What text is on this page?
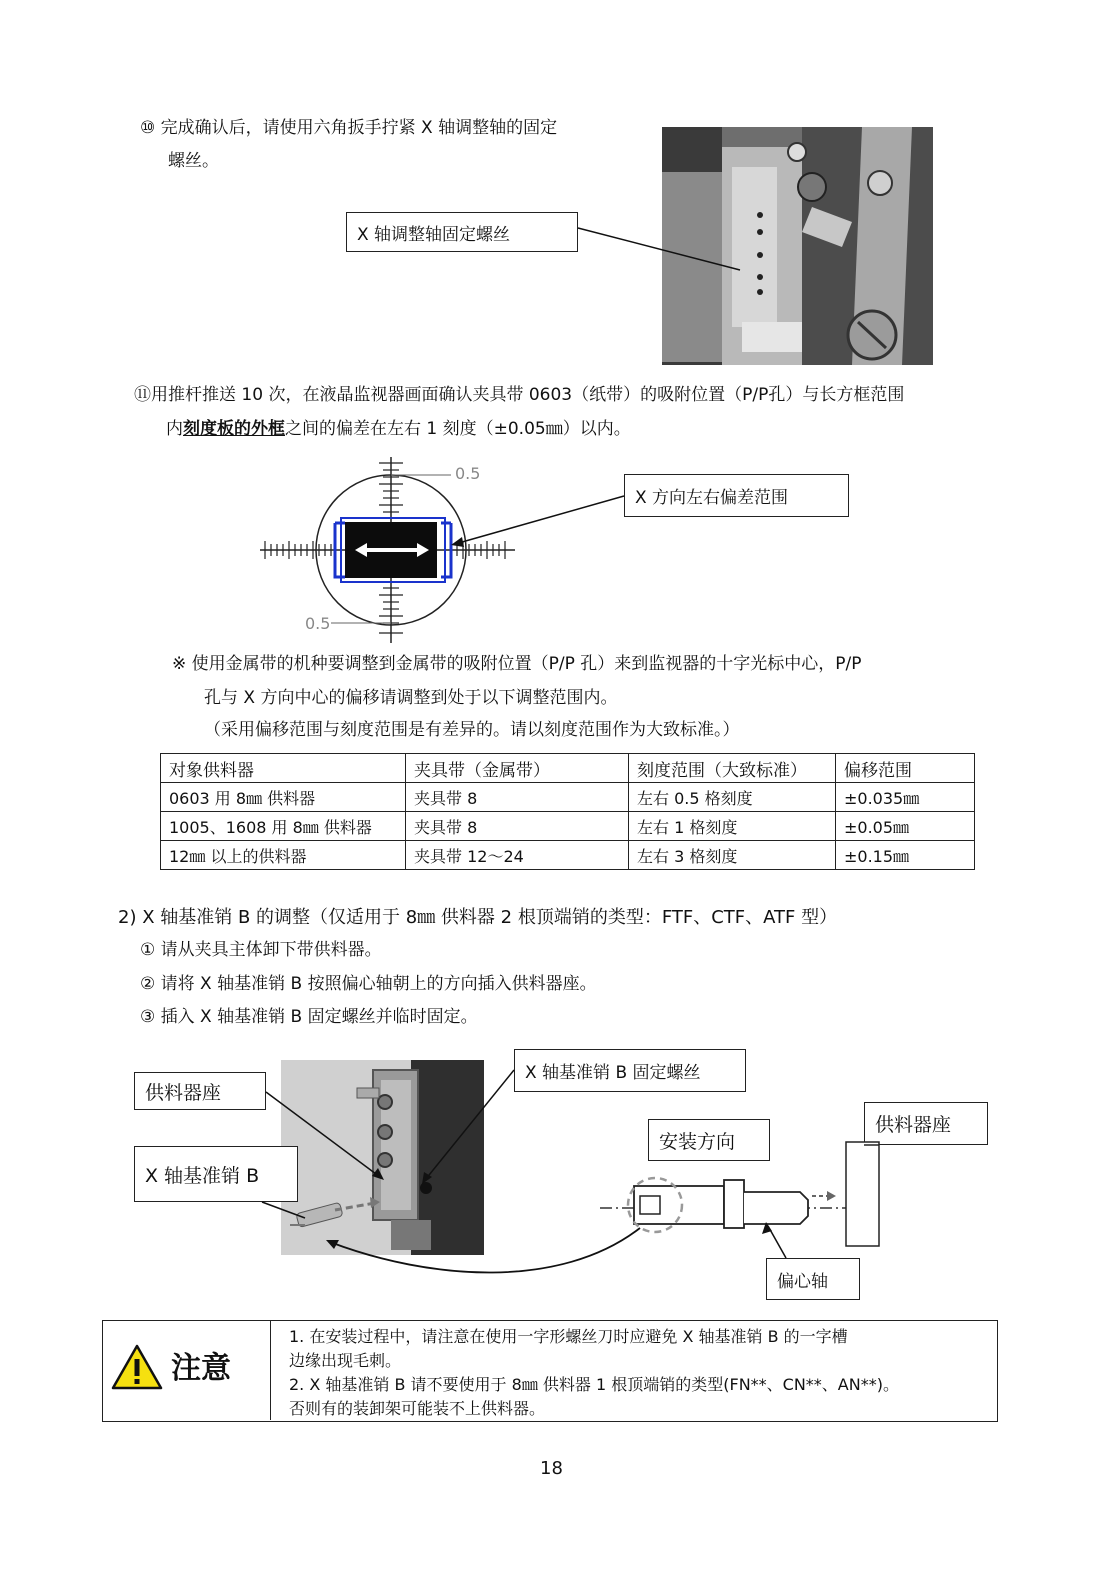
⑩ 完成确认后，请使用六角扳手拧紧 X 轴调整轴的固定
螺丝。
X 轴调整轴固定螺丝
⑪用推杆推送 10 次，在液晶监视器画面确认夹具带 0603（纸带）的吸附位置（P/P孔）与长方框范围
内刻度板的外框之间的偏差在左右 1 刻度（±0.05㎜）以内。
0.5
0.5
X 方向左右偏差范围
※ 使用金属带的机种要调整到金属带的吸附位置（P/P 孔）来到监视器的十字光标中心，P/P
孔与 X 方向中心的偏移请调整到处于以下调整范围内。
（采用偏移范围与刻度范围是有差异的。请以刻度范围作为大致标准。）
对象供料器	夹具带（金属带）	刻度范围（大致标准）	偏移范围
0603 用 8㎜ 供料器	夹具带 8	左右 0.5 格刻度	±0.035㎜
1005、1608 用 8㎜ 供料器	夹具带 8	左右 1 格刻度	±0.05㎜
12㎜ 以上的供料器	夹具带 12～24	左右 3 格刻度	±0.15㎜
2) X 轴基准销 B 的调整（仅适用于 8㎜ 供料器 2 根顶端销的类型：FTF、CTF、ATF 型）
① 请从夹具主体卸下带供料器。
② 请将 X 轴基准销 B 按照偏心轴朝上的方向插入供料器座。
③ 插入 X 轴基准销 B 固定螺丝并临时固定。
供料器座
X 轴基准销 B
X 轴基准销 B 固定螺丝
安装方向
供料器座
偏心轴
注意
1. 在安装过程中，请注意在使用一字形螺丝刀时应避免 X 轴基准销 B 的一字槽
边缘出现毛刺。
2. X 轴基准销 B 请不要使用于 8㎜ 供料器 1 根顶端销的类型(FN**、CN**、AN**)。
否则有的装卸架可能装不上供料器。
18
